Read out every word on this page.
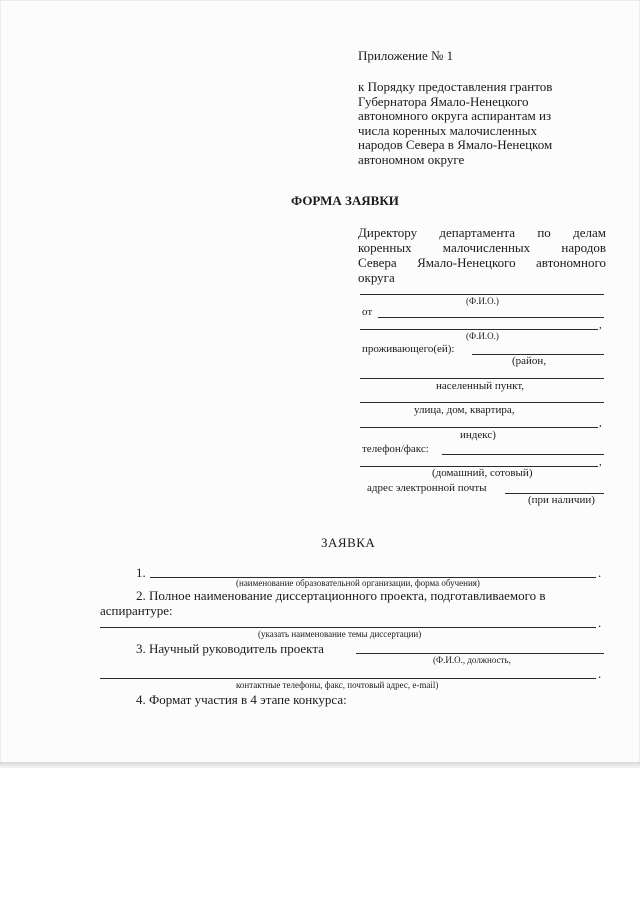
Приложение № 1
к Порядку предоставления грантов
Губернатора Ямало-Ненецкого
автономного округа аспирантам из
числа коренных малочисленных
народов Севера в Ямало-Ненецком
автономном округе
ФОРМА ЗАЯВКИ
Директору департамента по делам
коренных малочисленных народов
Севера Ямало-Ненецкого автономного
округа
(Ф.И.О.)
от
,
(Ф.И.О.)
проживающего(ей):
(район,
населенный пункт,
улица, дом, квартира,
,
индекс)
телефон/факс:
,
(домашний, сотовый)
адрес электронной почты
(при наличии)
ЗАЯВКА
1.	.
(наименование образовательной организации, форма обучения)
2. Полное наименование диссертационного проекта, подготавливаемого в
аспирантуре:
.
(указать наименование темы диссертации)
3. Научный руководитель проекта
(Ф.И.О., должность,
.
контактные телефоны, факс, почтовый адрес, e-mail)
4. Формат участия в 4 этапе конкурса:
